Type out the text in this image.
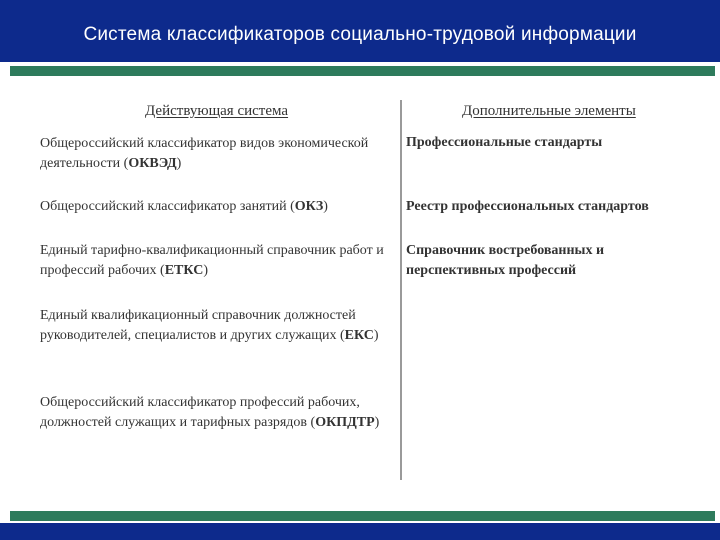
Система классификаторов социально-трудовой информации
Действующая система	Дополнительные элементы
Общероссийский классификатор видов экономической
деятельности (ОКВЭД)
Общероссийский классификатор занятий (ОКЗ)
Единый тарифно-квалификационный справочник работ и
профессий рабочих (ЕТКС)
Единый квалификационный справочник должностей
руководителей, специалистов и других служащих (ЕКС)
Общероссийский классификатор профессий рабочих,
должностей служащих и тарифных разрядов (ОКПДТР)
Профессиональные стандарты
Реестр профессиональных стандартов
Справочник востребованных и
перспективных профессий
